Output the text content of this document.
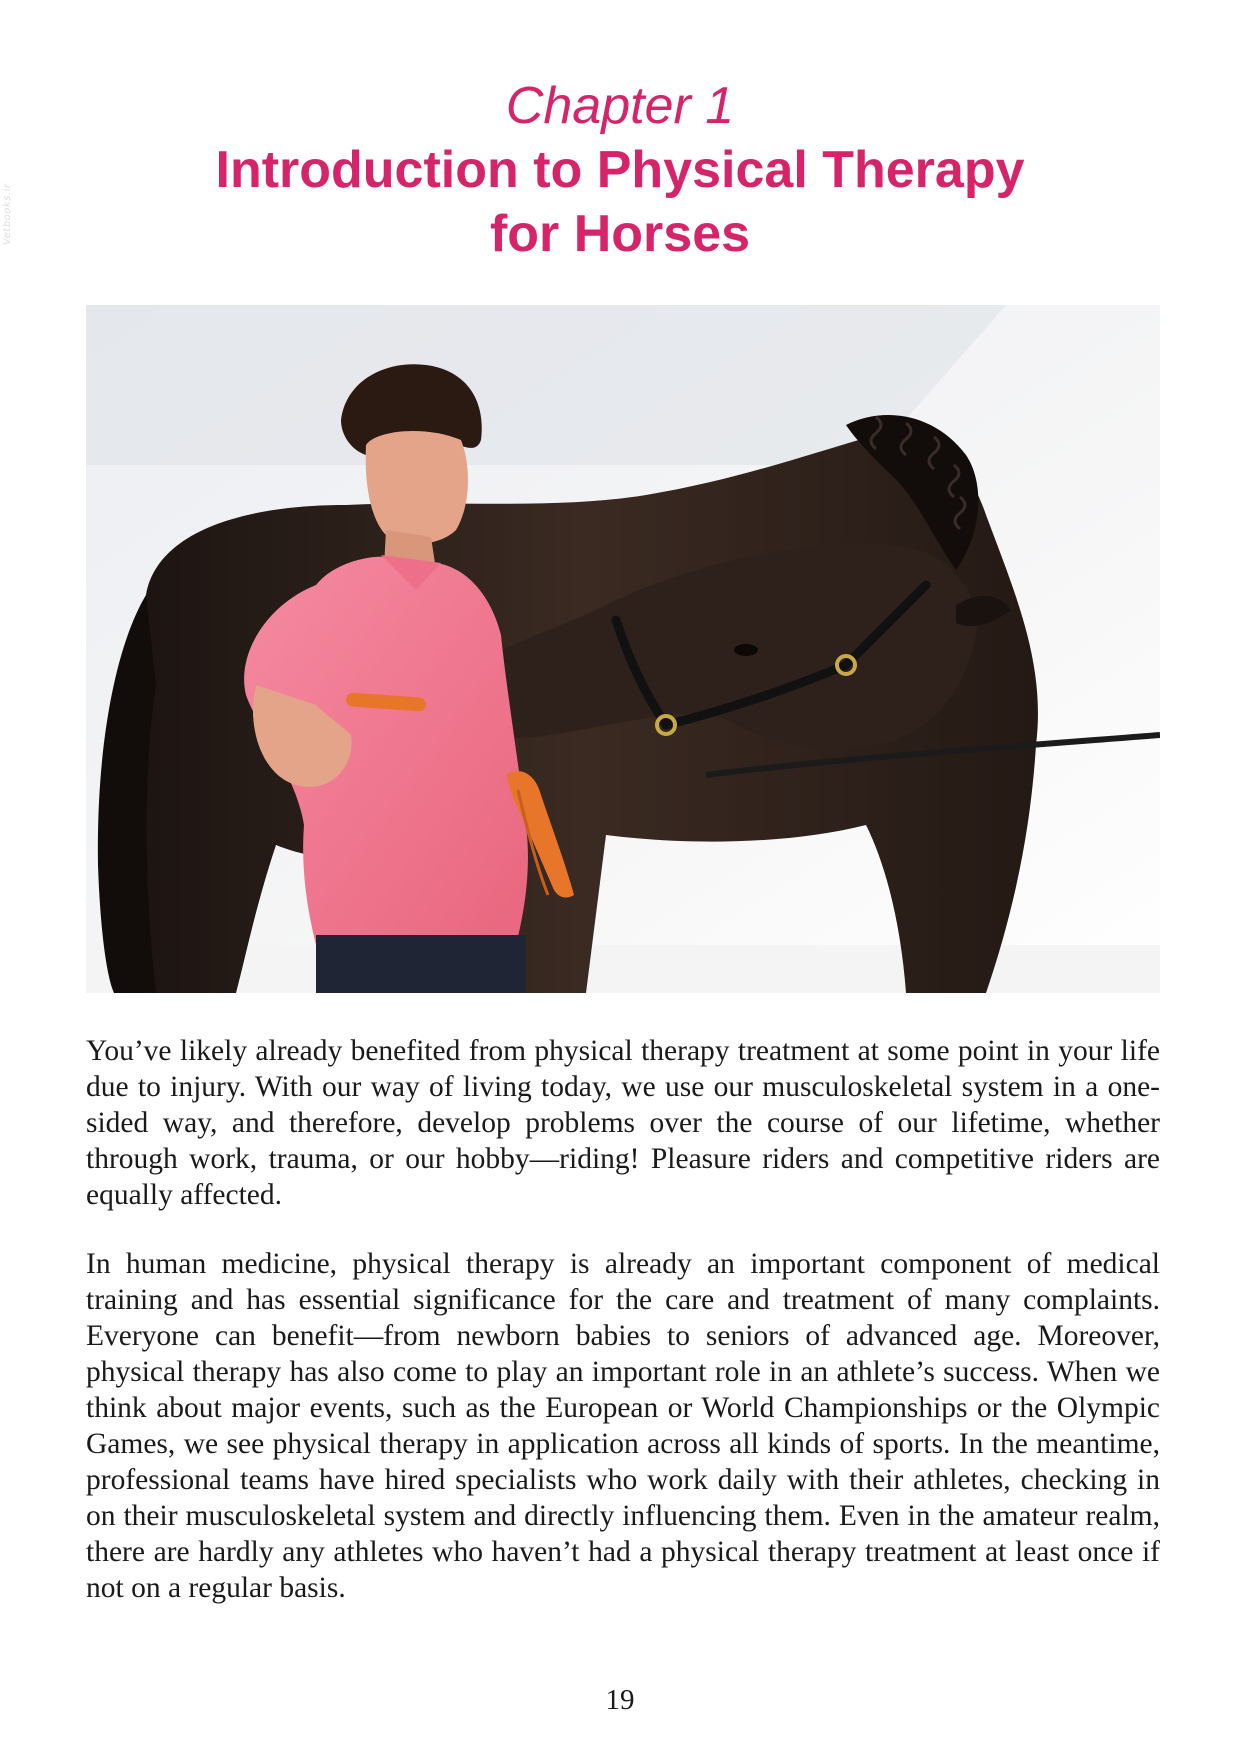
Vetbooks.ir
Chapter 1
Introduction to Physical Therapy
for Horses

You’ve likely already benefited from physical therapy treatment at some point in your life due to injury. With our way of living today, we use our musculoskeletal system in a one-sided way, and therefore, develop problems over the course of our lifetime, whether through work, trauma, or our hobby—riding! Pleasure riders and competitive riders are equally affected.

In human medicine, physical therapy is already an important component of medical training and has essential significance for the care and treatment of many complaints. Everyone can benefit—from newborn babies to seniors of advanced age. Moreover, physical therapy has also come to play an important role in an athlete’s success. When we think about major events, such as the European or World Championships or the Olympic Games, we see physical therapy in application across all kinds of sports. In the meantime, professional teams have hired specialists who work daily with their athletes, checking in on their musculoskeletal system and directly influencing them. Even in the amateur realm, there are hardly any athletes who haven’t had a physical therapy treatment at least once if not on a regular basis.

19
